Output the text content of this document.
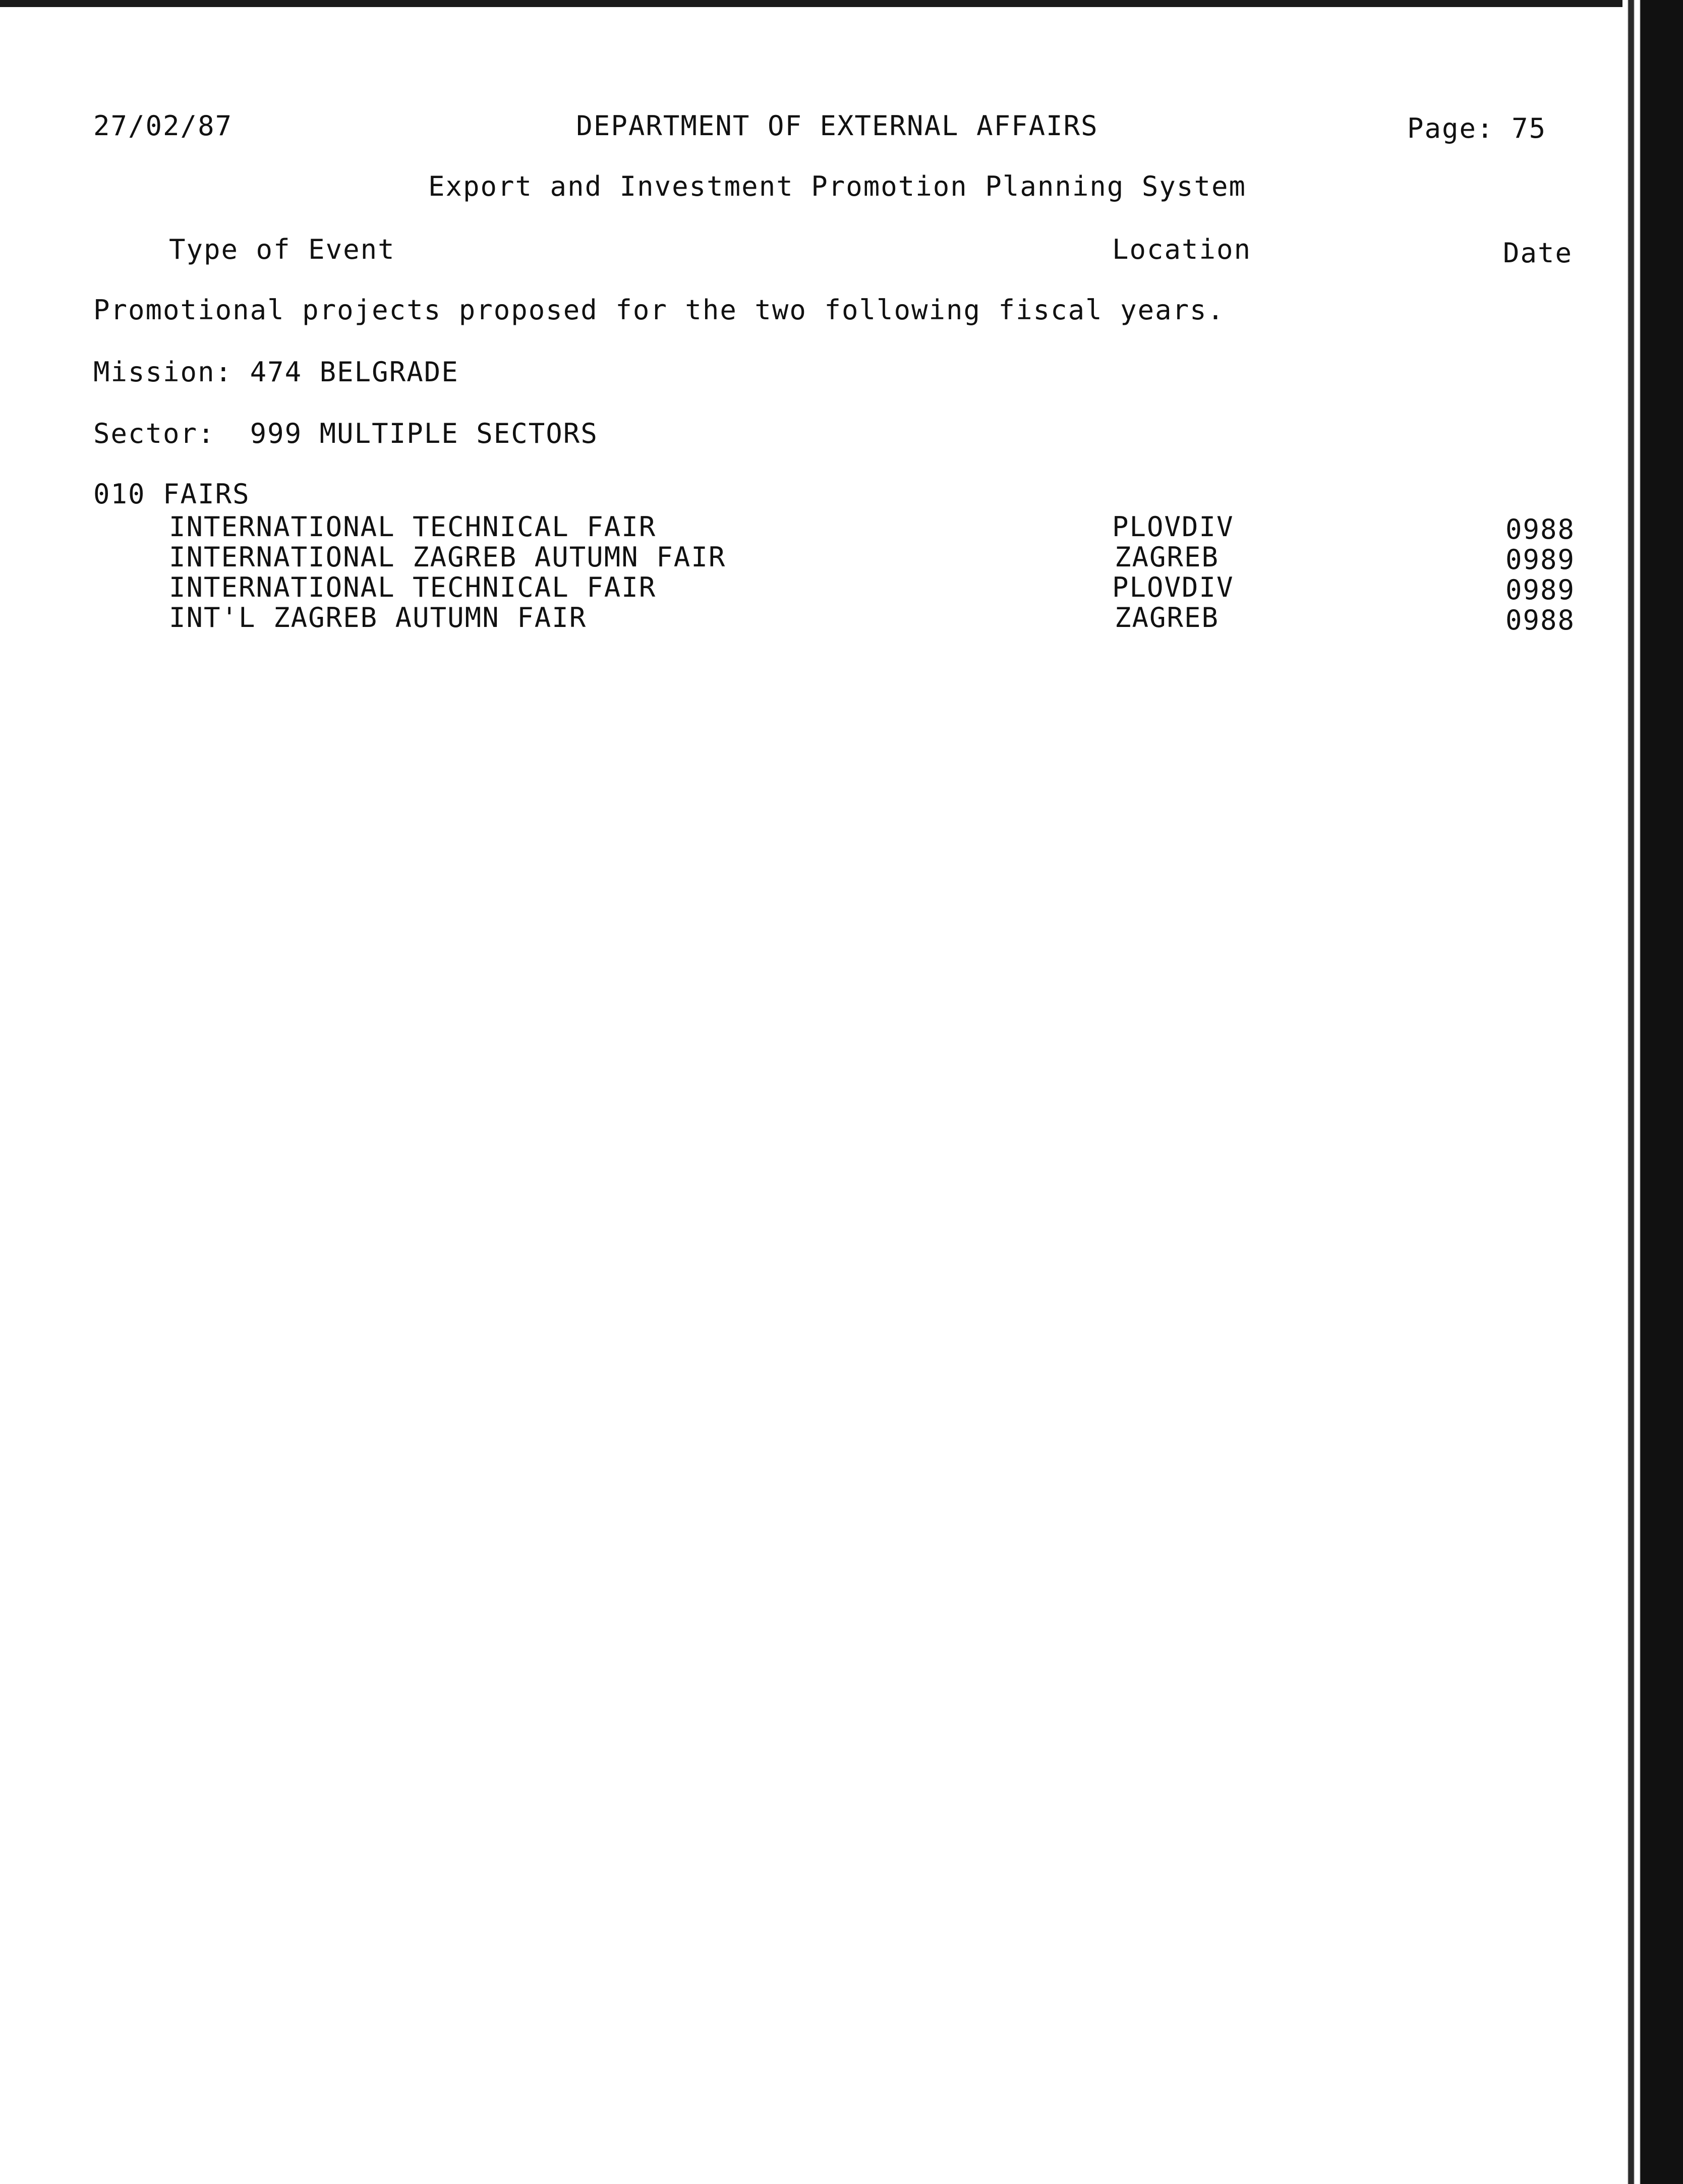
27/02/87	DEPARTMENT OF EXTERNAL AFFAIRS	Page: 75
Export and Investment Promotion Planning System
Type of Event	Location	Date
Promotional projects proposed for the two following fiscal years.
Mission: 474 BELGRADE
Sector: 999 MULTIPLE SECTORS
010 FAIRS
INTERNATIONAL TECHNICAL FAIR	PLOVDIV	0988
INTERNATIONAL ZAGREB AUTUMN FAIR	ZAGREB	0989
INTERNATIONAL TECHNICAL FAIR	PLOVDIV	0989
INT'L ZAGREB AUTUMN FAIR	ZAGREB	0988
